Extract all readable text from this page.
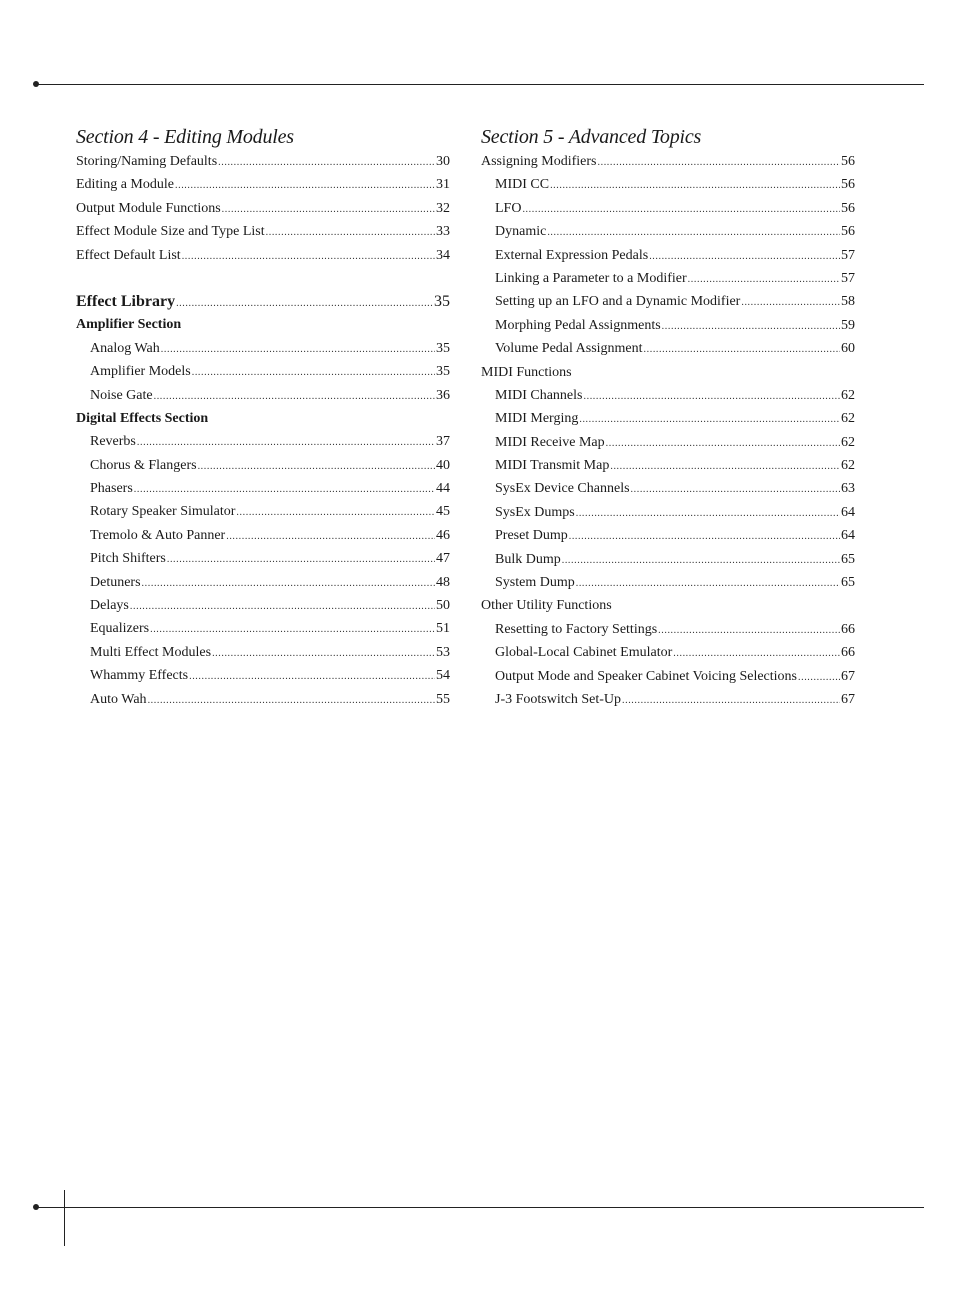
Section 4 - Editing Modules
Storing/Naming Defaults .....	30
Editing a Module .....	31
Output Module Functions .....	32
Effect Module Size and Type List .....	33
Effect Default List .....	34
Effect Library .....	35
Amplifier Section
Analog Wah .....	35
Amplifier Models .....	35
Noise Gate .....	36
Digital Effects Section
Reverbs .....	37
Chorus & Flangers .....	40
Phasers .....	44
Rotary Speaker Simulator .....	45
Tremolo & Auto Panner .....	46
Pitch Shifters .....	47
Detuners .....	48
Delays .....	50
Equalizers .....	51
Multi Effect Modules .....	53
Whammy Effects .....	54
Auto Wah .....	55
Section 5 - Advanced Topics
Assigning Modifiers .....	56
MIDI CC .....	56
LFO .....	56
Dynamic .....	56
External Expression Pedals .....	57
Linking a Parameter to a Modifier .....	57
Setting up an LFO and a Dynamic Modifier .....	58
Morphing Pedal Assignments .....	59
Volume Pedal Assignment .....	60
MIDI Functions
MIDI Channels .....	62
MIDI Merging .....	62
MIDI Receive Map .....	62
MIDI Transmit Map .....	62
SysEx Device Channels .....	63
SysEx Dumps .....	64
Preset Dump .....	64
Bulk Dump .....	65
System Dump .....	65
Other Utility Functions
Resetting to Factory Settings .....	66
Global-Local Cabinet Emulator .....	66
Output Mode and Speaker Cabinet Voicing Selections .....	67
J-3 Footswitch Set-Up .....	67
